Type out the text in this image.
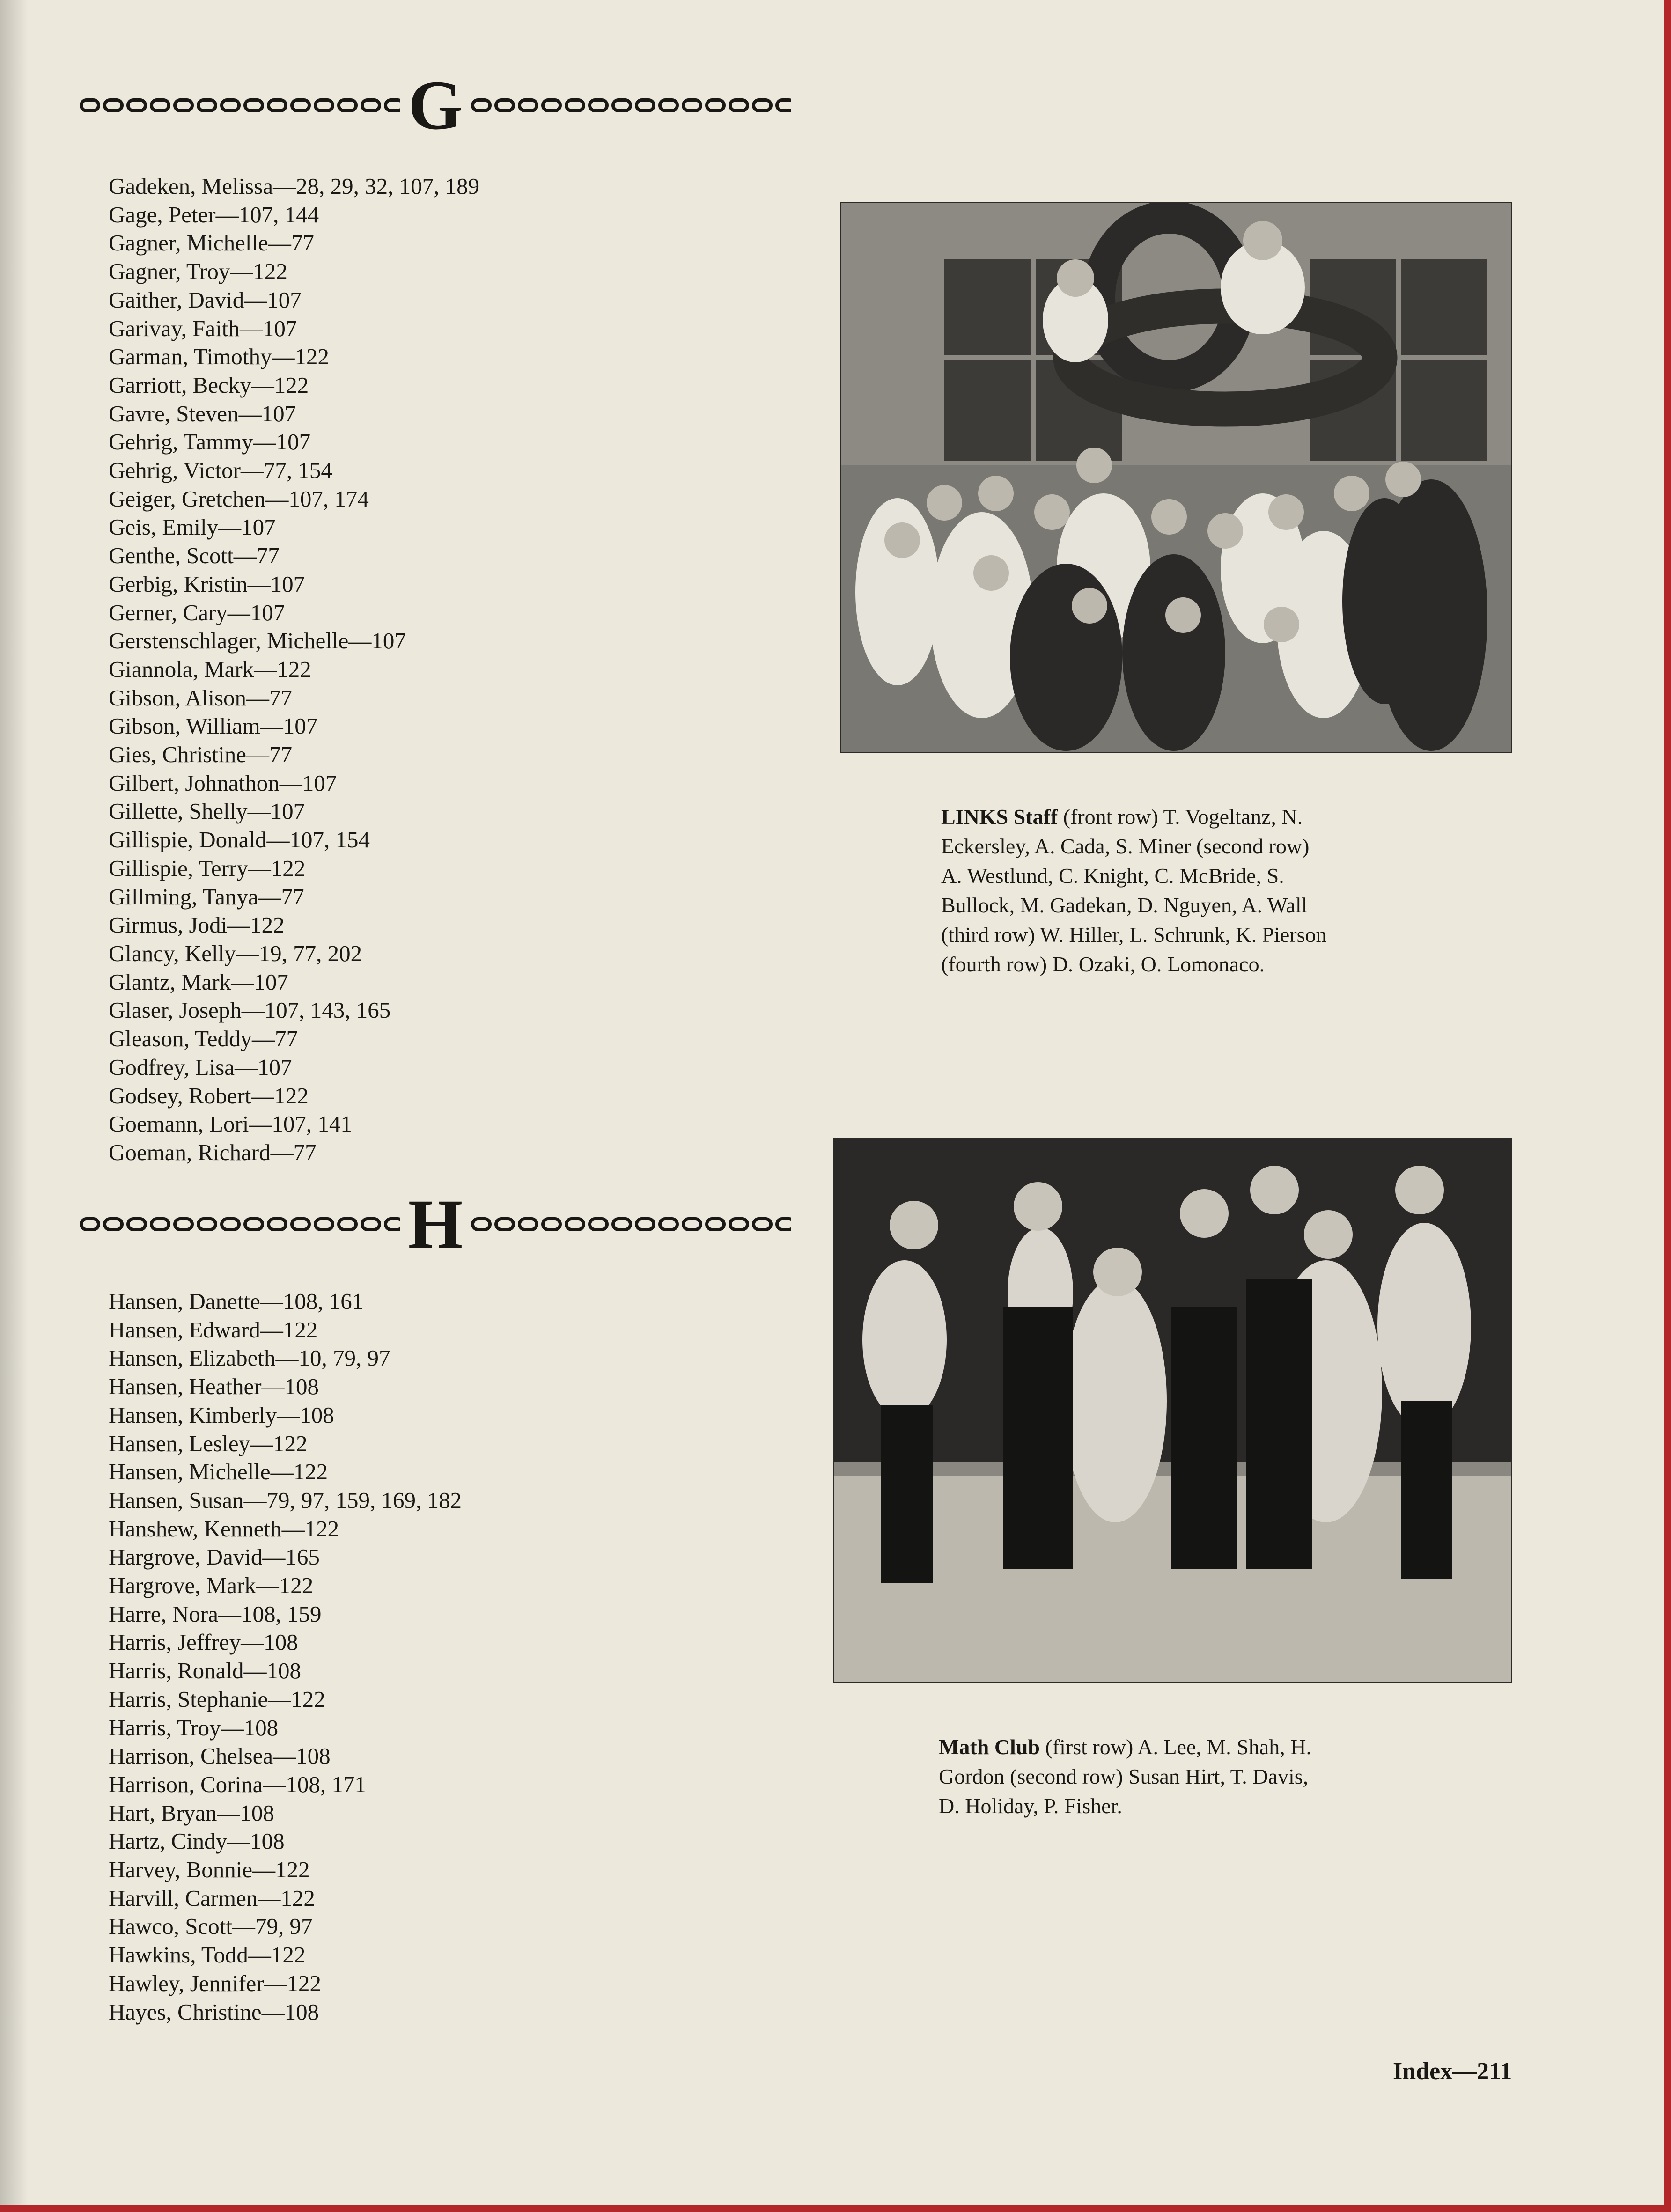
G
Gadeken, Melissa—28, 29, 32, 107, 189
Gage, Peter—107, 144
Gagner, Michelle—77
Gagner, Troy—122
Gaither, David—107
Garivay, Faith—107
Garman, Timothy—122
Garriott, Becky—122
Gavre, Steven—107
Gehrig, Tammy—107
Gehrig, Victor—77, 154
Geiger, Gretchen—107, 174
Geis, Emily—107
Genthe, Scott—77
Gerbig, Kristin—107
Gerner, Cary—107
Gerstenschlager, Michelle—107
Giannola, Mark—122
Gibson, Alison—77
Gibson, William—107
Gies, Christine—77
Gilbert, Johnathon—107
Gillette, Shelly—107
Gillispie, Donald—107, 154
Gillispie, Terry—122
Gillming, Tanya—77
Girmus, Jodi—122
Glancy, Kelly—19, 77, 202
Glantz, Mark—107
Glaser, Joseph—107, 143, 165
Gleason, Teddy—77
Godfrey, Lisa—107
Godsey, Robert—122
Goemann, Lori—107, 141
Goeman, Richard—77
H
Hansen, Danette—108, 161
Hansen, Edward—122
Hansen, Elizabeth—10, 79, 97
Hansen, Heather—108
Hansen, Kimberly—108
Hansen, Lesley—122
Hansen, Michelle—122
Hansen, Susan—79, 97, 159, 169, 182
Hanshew, Kenneth—122
Hargrove, David—165
Hargrove, Mark—122
Harre, Nora—108, 159
Harris, Jeffrey—108
Harris, Ronald—108
Harris, Stephanie—122
Harris, Troy—108
Harrison, Chelsea—108
Harrison, Corina—108, 171
Hart, Bryan—108
Hartz, Cindy—108
Harvey, Bonnie—122
Harvill, Carmen—122
Hawco, Scott—79, 97
Hawkins, Todd—122
Hawley, Jennifer—122
Hayes, Christine—108
LINKS Staff (front row) T. Vogeltanz, N.
Eckersley, A. Cada, S. Miner (second row)
A. Westlund, C. Knight, C. McBride, S.
Bullock, M. Gadekan, D. Nguyen, A. Wall
(third row) W. Hiller, L. Schrunk, K. Pierson
(fourth row) D. Ozaki, O. Lomonaco.
Math Club (first row) A. Lee, M. Shah, H.
Gordon (second row) Susan Hirt, T. Davis,
D. Holiday, P. Fisher.
Index—211
